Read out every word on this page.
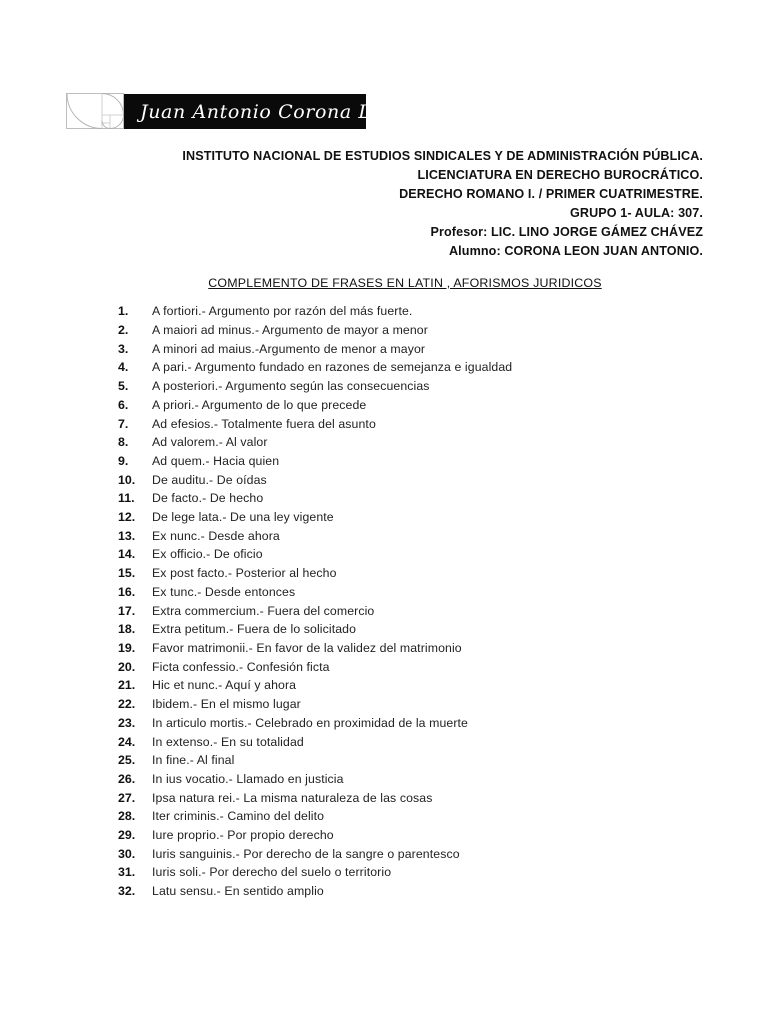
Juan Antonio Corona León.
INSTITUTO NACIONAL DE ESTUDIOS SINDICALES Y DE ADMINISTRACIÓN PÚBLICA.
LICENCIATURA EN DERECHO BUROCRÁTICO.
DERECHO ROMANO I. / PRIMER CUATRIMESTRE.
GRUPO 1- AULA: 307.
Profesor: LIC. LINO JORGE GÁMEZ CHÁVEZ
Alumno: CORONA LEON JUAN ANTONIO.
COMPLEMENTO DE FRASES EN LATIN , AFORISMOS JURIDICOS
1.	A fortiori.- Argumento por razón del más fuerte.
2.	A maiori ad minus.- Argumento de mayor a menor
3.	A minori ad maius.-Argumento de menor a mayor
4.	A pari.- Argumento fundado en razones de semejanza e igualdad
5.	A posteriori.- Argumento según las consecuencias
6.	A priori.- Argumento de lo que precede
7.	Ad efesios.- Totalmente fuera del asunto
8.	Ad valorem.- Al valor
9.	Ad quem.- Hacia quien
10.	De auditu.- De oídas
11.	De facto.- De hecho
12.	De lege lata.- De una ley vigente
13.	Ex nunc.- Desde ahora
14.	Ex officio.- De oficio
15.	Ex post facto.- Posterior al hecho
16.	Ex tunc.- Desde entonces
17.	Extra commercium.- Fuera del comercio
18.	Extra petitum.- Fuera de lo solicitado
19.	Favor matrimonii.- En favor de la validez del matrimonio
20.	Ficta confessio.- Confesión ficta
21.	Hic et nunc.- Aquí y ahora
22.	Ibidem.- En el mismo lugar
23.	In articulo mortis.- Celebrado en proximidad de la muerte
24.	In extenso.- En su totalidad
25.	In fine.- Al final
26.	In ius vocatio.- Llamado en justicia
27.	Ipsa natura rei.- La misma naturaleza de las cosas
28.	Iter criminis.- Camino del delito
29.	Iure proprio.- Por propio derecho
30.	Iuris sanguinis.- Por derecho de la sangre o parentesco
31.	Iuris soli.- Por derecho del suelo o territorio
32.	Latu sensu.- En sentido amplio
